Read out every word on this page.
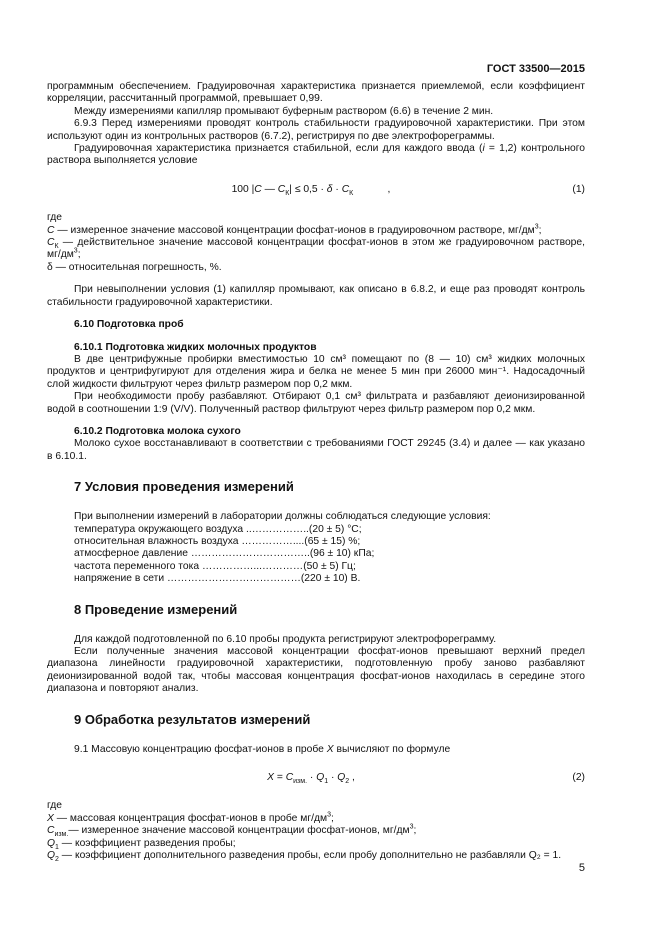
ГОСТ 33500—2015

программным обеспечением. Градуировочная характеристика признается приемлемой, если коэффициент корреляции, рассчитанный программой, превышает 0,99.

Между измерениями капилляр промывают буферным раствором (6.6) в течение 2 мин.

6.9.3 Перед измерениями проводят контроль стабильности градуировочной характеристики. При этом используют один из контрольных растворов (6.7.2), регистрируя по две электрофореграммы.

Градуировочная характеристика признается стабильной, если для каждого ввода (i = 1,2) контрольного раствора выполняется условие

100 |C — $C_К| \le 0,5 \cdot \delta \cdot C_К$            ,	(1)

где

C — измеренное значение массовой концентрации фосфат-ионов в градуировочном растворе, $мг/дм^3$;

$C_К$ — действительное значение массовой концентрации фосфат-ионов в этом же градуировочном растворе, $мг/дм^3$;

δ — относительная погрешность, %.

При невыполнении условия (1) капилляр промывают, как описано в 6.8.2, и еще раз проводят контроль стабильности градуировочной характеристики.

6.10 Подготовка проб

6.10.1 Подготовка жидких молочных продуктов

В две центрифужные пробирки вместимостью 10 см³ помещают по (8 — 10) см³ жидких молочных продуктов и центрифугируют для отделения жира и белка не менее 5 мин при 26000 мин⁻¹. Надосадочный слой жидкости фильтруют через фильтр размером пор 0,2 мкм.

При необходимости пробу разбавляют. Отбирают 0,1 см³ фильтрата и разбавляют деионизированной водой в соотношении 1:9 (V/V). Полученный раствор фильтруют через фильтр размером пор 0,2 мкм.

6.10.2 Подготовка молока сухого

Молоко сухое восстанавливают в соответствии с требованиями ГОСТ 29245 (3.4) и далее — как указано в 6.10.1.

7 Условия проведения измерений

При выполнении измерений в лаборатории должны соблюдаться следующие условия:

температура окружающего воздуха ..……………..(20 ± 5) °С;

относительная влажность воздуха ……………....(65 ± 15) %;

атмосферное давление ……………………………..(96 ± 10) кПа;

частота переменного тока ……………...…………(50 ± 5) Гц;

напряжение в сети …………………………………(220 ± 10) В.

8 Проведение измерений

Для каждой подготовленной по 6.10 пробы продукта регистрируют электрофореграмму.

Если полученные значения массовой концентрации фосфат-ионов превышают верхний предел диапазона линейности градуировочной характеристики, подготовленную пробу заново разбавляют деионизированной водой так, чтобы массовая концентрация фосфат-ионов находилась в середине этого диапазона и повторяют анализ.

9 Обработка результатов измерений

9.1 Массовую концентрацию фосфат-ионов в пробе X вычисляют по формуле

$X = C_{изм.} \cdot Q_1 \cdot Q_2$ ,	(2)

где

X — массовая концентрация фосфат-ионов в пробе $мг/дм^3$;

$C_{изм.}—$ измеренное значение массовой концентрации фосфат-ионов, $мг/дм^3$;

$Q_1$ — коэффициент разведения пробы;

$Q_2$ — коэффициент дополнительного разведения пробы, если пробу дополнительно не разбавляли Q₂ = 1.

5
